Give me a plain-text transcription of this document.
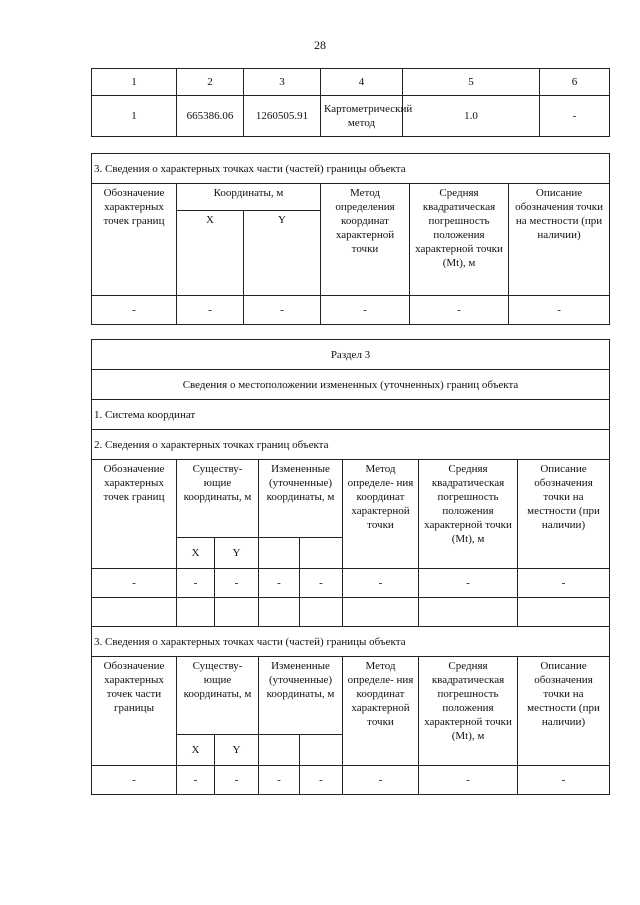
28
1	2	3	4	5	6
1	665386.06	1260505.91	Картометрический метод	1.0	-
3. Сведения о характерных точках части (частей) границы объекта					
Обозначение характерных точек границ	Координаты, м		Метод определения координат характерной точки	Средняя квадратическая погрешность положения характерной точки (Mt), м	Описание обозначения точки на местности (при наличии)
	X	Y			
-	-	-	-	-	-
Раздел 3							
Сведения о местоположении измененных (уточненных) границ объекта							
1. Система координат							
2. Сведения о характерных точках границ объекта							
Обозначение характерных точек границ	Существу- ющие координаты, м		Измененные (уточненные) координаты, м		Метод определе- ния координат характерной точки	Средняя квадратическая погрешность положения характерной точки (Mt), м	Описание обозначения точки на местности (при наличии)
	X	Y					
-	-	-	-	-	-	-	-

3. Сведения о характерных точках части (частей) границы объекта							
Обозначение характерных точек части границы	Существу- ющие координаты, м		Измененные (уточненные) координаты, м		Метод определе- ния координат характерной точки	Средняя квадратическая погрешность положения характерной точки (Mt), м	Описание обозначения точки на местности (при наличии)
	X	Y					
-	-	-	-	-	-	-	-
